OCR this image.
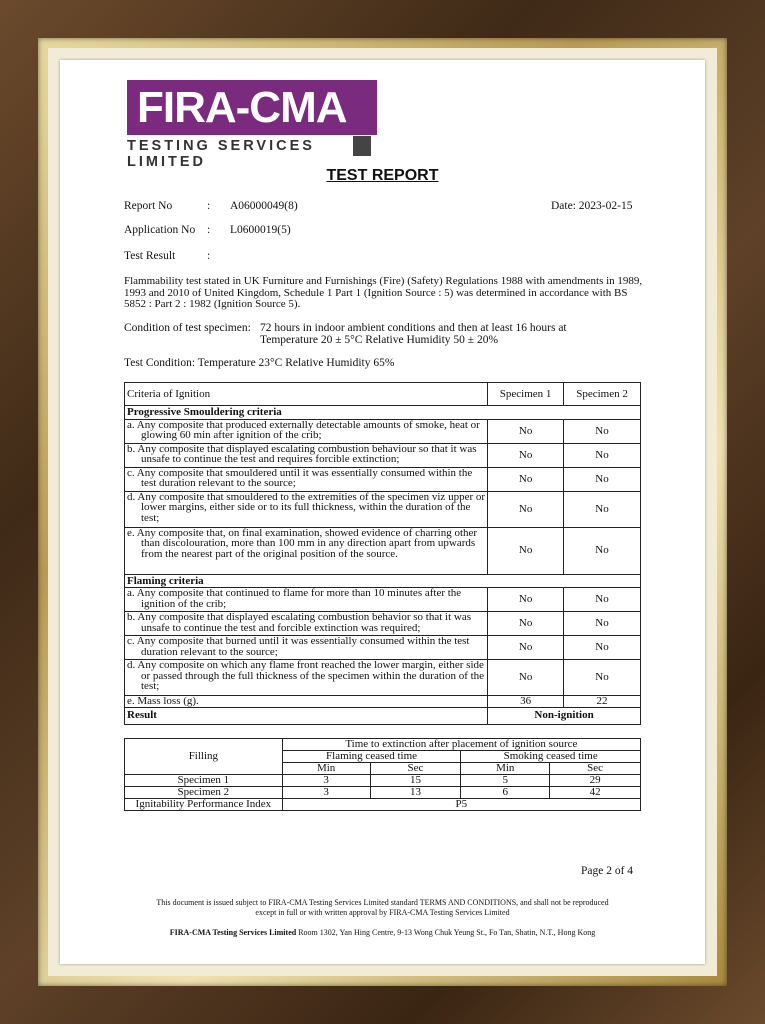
FIRA-CMA
TESTING SERVICES LIMITED
TEST REPORT
Report No	: A06000049(8)	Date: 2023-02-15
Application No : L0600019(5)
Test Result	:
Flammability test stated in UK Furniture and Furnishings (Fire) (Safety) Regulations 1988 with amendments in 1989, 1993 and 2010 of United Kingdom, Schedule 1 Part 1 (Ignition Source : 5) was determined in accordance with BS 5852 : Part 2 : 1982 (Ignition Source 5).
Condition of test specimen: 72 hours in indoor ambient conditions and then at least 16 hours at
Temperature 20 ± 5°C Relative Humidity 50 ± 20%
Test Condition: Temperature 23°C Relative Humidity 65%
Criteria of Ignition	Specimen 1	Specimen 2
Progressive Smouldering criteria		
a. Any composite that produced externally detectable amounts of smoke, heat or glowing 60 min after ignition of the crib;	No	No
b. Any composite that displayed escalating combustion behaviour so that it was unsafe to continue the test and requires forcible extinction;	No	No
c. Any composite that smouldered until it was essentially consumed within the test duration relevant to the source;	No	No
d. Any composite that smouldered to the extremities of the specimen viz upper or lower margins, either side or to its full thickness, within the duration of the test;	No	No
e. Any composite that, on final examination, showed evidence of charring other than discolouration, more than 100 mm in any direction apart from upwards from the nearest part of the original position of the source.	No	No
Flaming criteria		
a. Any composite that continued to flame for more than 10 minutes after the ignition of the crib;	No	No
b. Any composite that displayed escalating combustion behavior so that it was unsafe to continue the test and forcible extinction was required;	No	No
c. Any composite that burned until it was essentially consumed within the test duration relevant to the source;	No	No
d. Any composite on which any flame front reached the lower margin, either side or passed through the full thickness of the specimen within the duration of the test;	No	No
e. Mass loss (g).	36	22
Result	Non-ignition	
Filling	Time to extinction after placement of ignition source			
	Flaming ceased time		Smoking ceased time	
	Min	Sec	Min	Sec
Specimen 1	3	15	5	29
Specimen 2	3	13	6	42
Ignitability Performance Index	P5			
Page 2 of 4
This document is issued subject to FIRA-CMA Testing Services Limited standard TERMS AND CONDITIONS, and shall not be reproduced
except in full or with written approval by FIRA-CMA Testing Services Limited
FIRA-CMA Testing Services Limited Room 1302, Yan Hing Centre, 9-13 Wong Chuk Yeung St., Fo Tan, Shatin, N.T., Hong Kong
